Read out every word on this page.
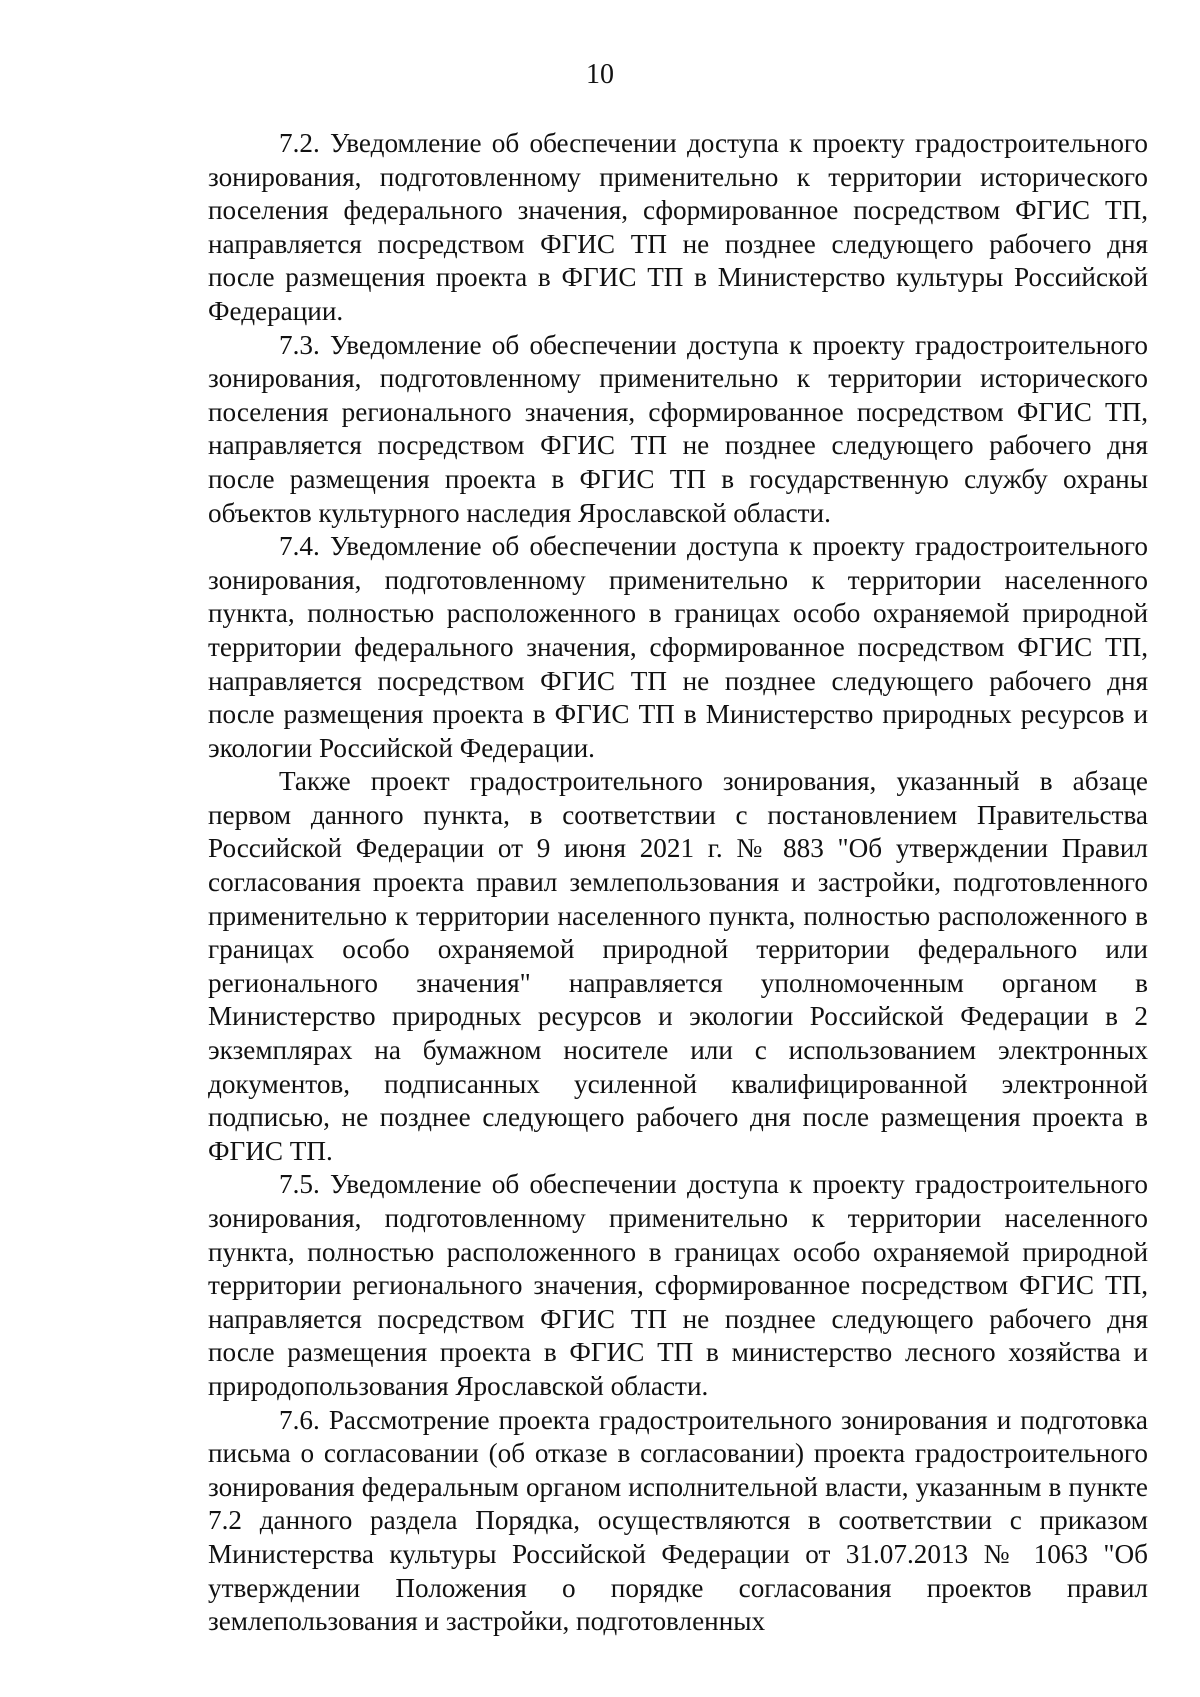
10

7.2. Уведомление об обеспечении доступа к проекту градостроительного зонирования, подготовленному применительно к территории исторического поселения федерального значения, сформированное посредством ФГИС ТП, направляется посредством ФГИС ТП не позднее следующего рабочего дня после размещения проекта в ФГИС ТП в Министерство культуры Российской Федерации.

7.3. Уведомление об обеспечении доступа к проекту градостроительного зонирования, подготовленному применительно к территории исторического поселения регионального значения, сформированное посредством ФГИС ТП, направляется посредством ФГИС ТП не позднее следующего рабочего дня после размещения проекта в ФГИС ТП в государственную службу охраны объектов культурного наследия Ярославской области.

7.4. Уведомление об обеспечении доступа к проекту градостроительного зонирования, подготовленному применительно к территории населенного пункта, полностью расположенного в границах особо охраняемой природной территории федерального значения, сформированное посредством ФГИС ТП, направляется посредством ФГИС ТП не позднее следующего рабочего дня после размещения проекта в ФГИС ТП в Министерство природных ресурсов и экологии Российской Федерации.

Также проект градостроительного зонирования, указанный в абзаце первом данного пункта, в соответствии с постановлением Правительства Российской Федерации от 9 июня 2021 г. № 883 "Об утверждении Правил согласования проекта правил землепользования и застройки, подготовленного применительно к территории населенного пункта, полностью расположенного в границах особо охраняемой природной территории федерального или регионального значения" направляется уполномоченным органом в Министерство природных ресурсов и экологии Российской Федерации в 2 экземплярах на бумажном носителе или с использованием электронных документов, подписанных усиленной квалифицированной электронной подписью, не позднее следующего рабочего дня после размещения проекта в ФГИС ТП.

7.5. Уведомление об обеспечении доступа к проекту градостроительного зонирования, подготовленному применительно к территории населенного пункта, полностью расположенного в границах особо охраняемой природной территории регионального значения, сформированное посредством ФГИС ТП, направляется посредством ФГИС ТП не позднее следующего рабочего дня после размещения проекта в ФГИС ТП в министерство лесного хозяйства и природопользования Ярославской области.

7.6. Рассмотрение проекта градостроительного зонирования и подготовка письма о согласовании (об отказе в согласовании) проекта градостроительного зонирования федеральным органом исполнительной власти, указанным в пункте 7.2 данного раздела Порядка, осуществляются в соответствии с приказом Министерства культуры Российской Федерации от 31.07.2013 № 1063 "Об утверждении Положения о порядке согласования проектов правил землепользования и застройки, подготовленных
